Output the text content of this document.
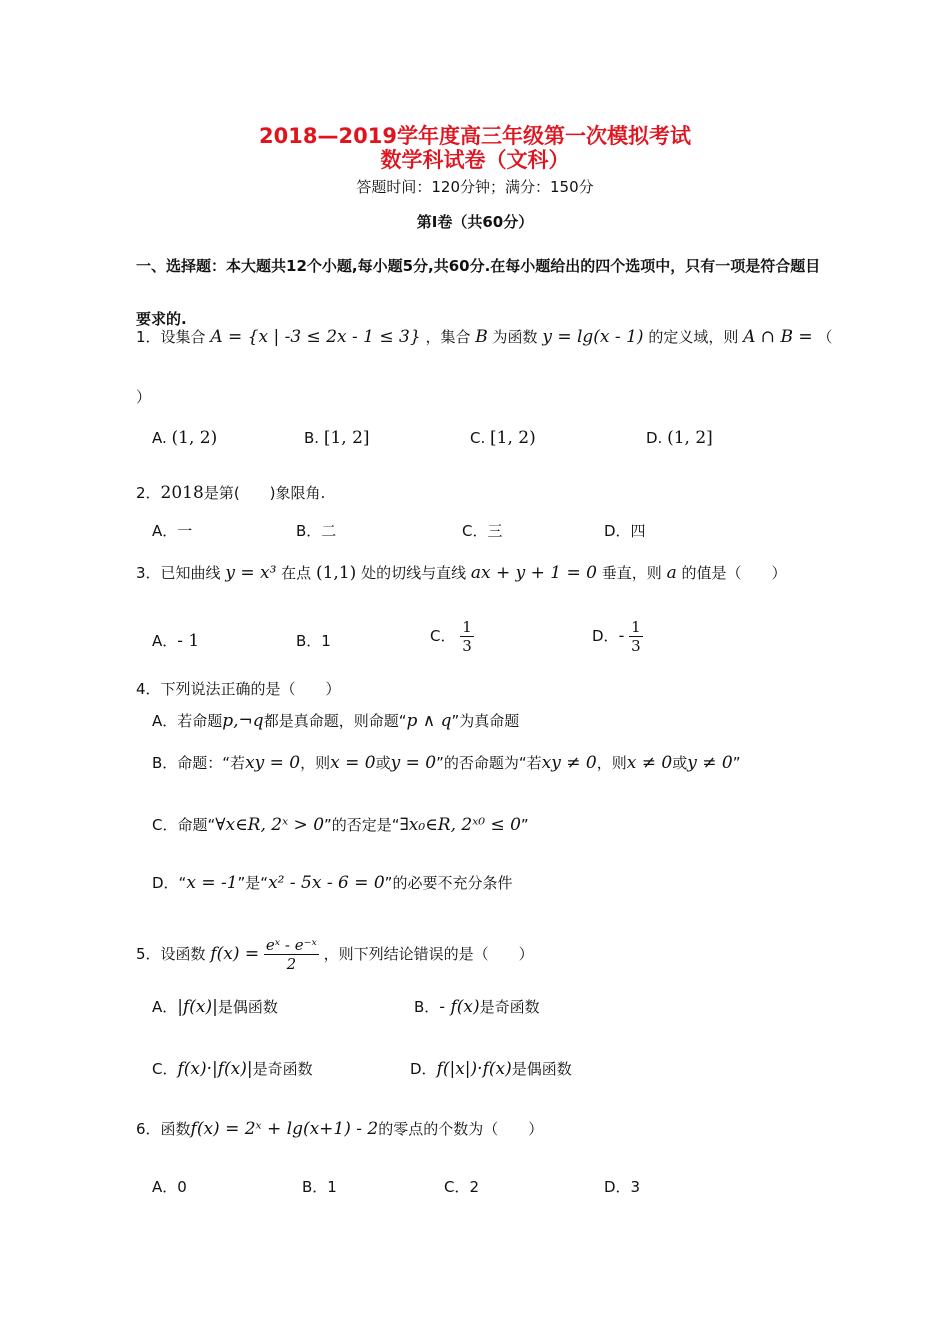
2018—2019学年度高三年级第一次模拟考试
数学科试卷（文科）
答题时间：120分钟；满分：150分
第Ⅰ卷（共60分）
一、选择题：本大题共12个小题,每小题5分,共60分.在每小题给出的四个选项中，只有一项是符合题目要求的.
1．设集合 A = {x | -3 ≤ 2x - 1 ≤ 3} ，集合 B 为函数 y = lg(x - 1) 的定义域，则 A ∩ B = （
）
A. (1, 2)	B. [1, 2]	C. [1, 2)	D. (1, 2]
2．2018是第(　　)象限角.
A．一	B．二	C．三	D．四
3．已知曲线 y = x³ 在点 (1,1) 处的切线与直线 ax + y + 1 = 0 垂直，则 a 的值是（　　）
A．- 1	B．1	C． $\frac{1}{3}$	D．- $\frac{1}{3}$
4．下列说法正确的是（　　）
A．若命题p,¬q都是真命题，则命题“p ∧ q”为真命题
B．命题：“若xy = 0，则x = 0或y = 0”的否命题为“若xy ≠ 0，则x ≠ 0或y ≠ 0”
C．命题“∀x∈R, 2ˣ > 0”的否定是“∃x₀∈R, 2ˣ⁰ ≤ 0”
D．“x = -1”是“x² - 5x - 6 = 0”的必要不充分条件
5．设函数 $f(x) = \frac{\text{eˣ - e⁻ˣ}}{2}$ ，则下列结论错误的是（　　）
A．|f(x)|是偶函数	B．- f(x)是奇函数
C．f(x)·|f(x)|是奇函数	D．f(|x|)·f(x)是偶函数
6．函数f(x) = 2ˣ + lg(x+1) - 2的零点的个数为（　　）
A．0	B．1	C．2	D．3
